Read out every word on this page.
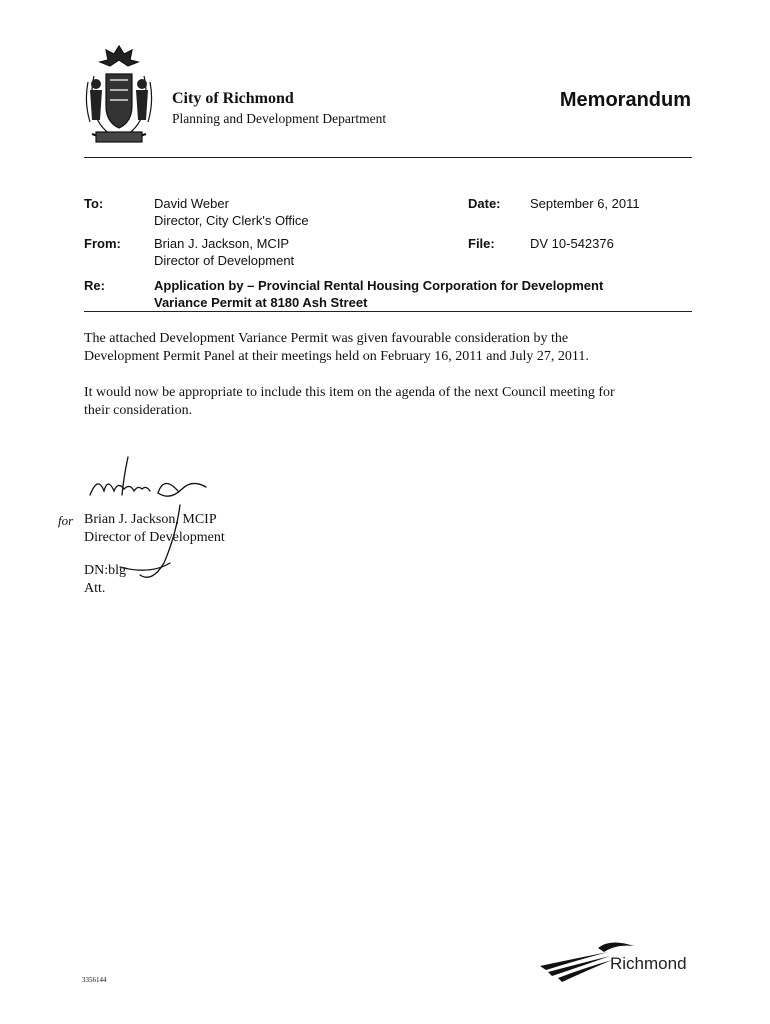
City of Richmond
Planning and Development Department
Memorandum
To:	David Weber
Director, City Clerk's Office
Date: September 6, 2011
From:	Brian J. Jackson, MCIP
Director of Development
File:	DV 10-542376
Re:	Application by – Provincial Rental Housing Corporation for Development
Variance Permit at 8180 Ash Street
The attached Development Variance Permit was given favourable consideration by the
Development Permit Panel at their meetings held on February 16, 2011 and July 27, 2011.
It would now be appropriate to include this item on the agenda of the next Council meeting for
their consideration.
for Brian J. Jackson, MCIP
Director of Development
DN:blg
Att.
Richmond
3356144
